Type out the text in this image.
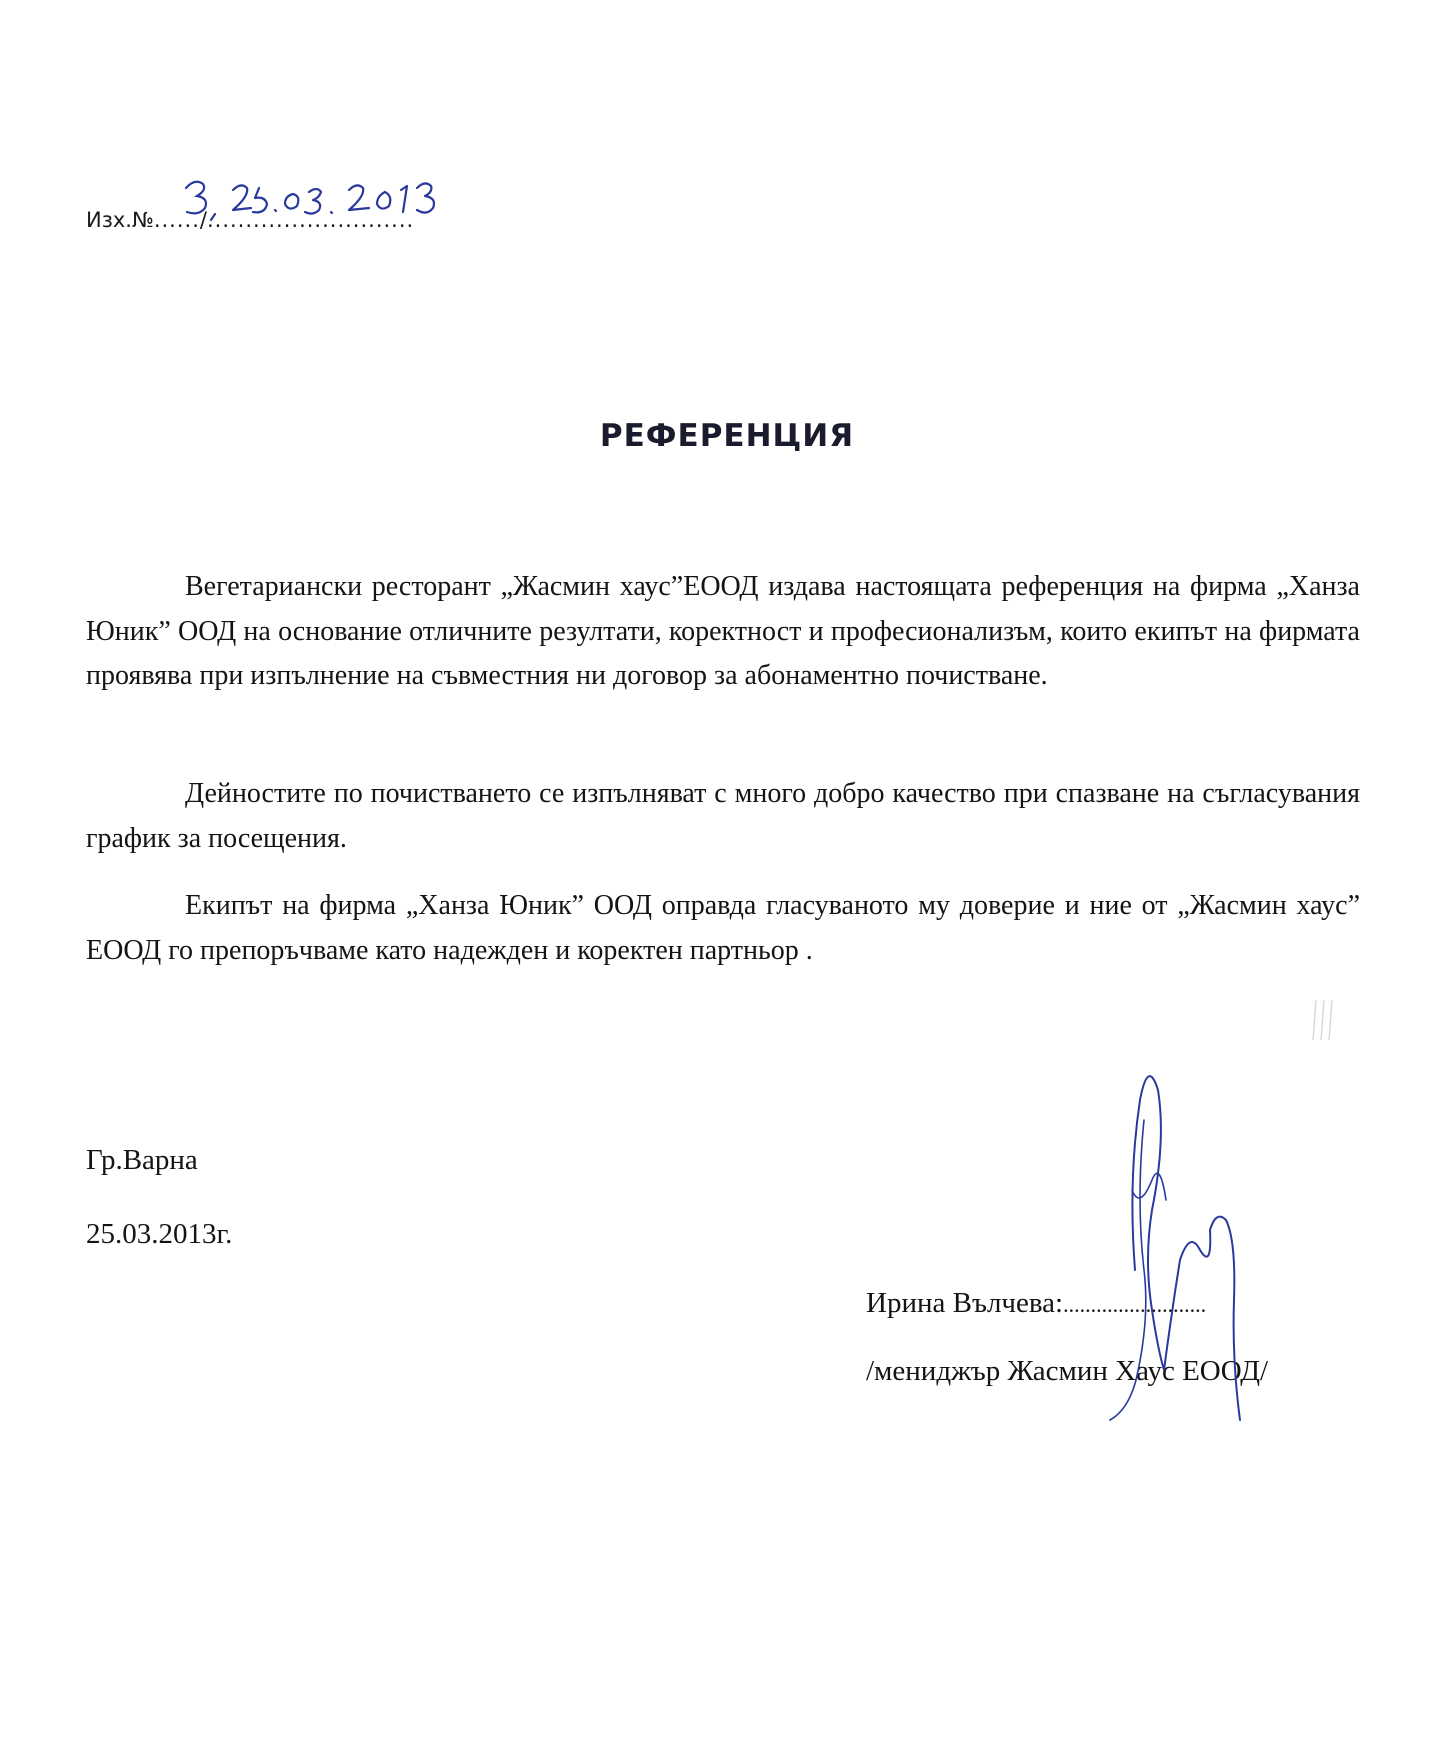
Изх.№....../...........................
РЕФЕРЕНЦИЯ

Вегетариански ресторант „Жасмин хаус”ЕООД издава настоящата референция на фирма „Ханза Юник” ООД на основание отличните резултати, коректност и професионализъм, които екипът на фирмата проявява при изпълнение на съвместния ни договор за абонаментно почистване.

Дейностите по почистването се изпълняват с много добро качество при спазване на съгласувания график за посещения.

Екипът на фирма „Ханза Юник” ООД оправда гласуваното му доверие и ние от „Жасмин хаус” ЕООД го препоръчваме като надежден и коректен партньор .

Гр.Варна
25.03.2013г.
Ирина Вълчева:..........................
/мениджър Жасмин Хаус ЕООД/
